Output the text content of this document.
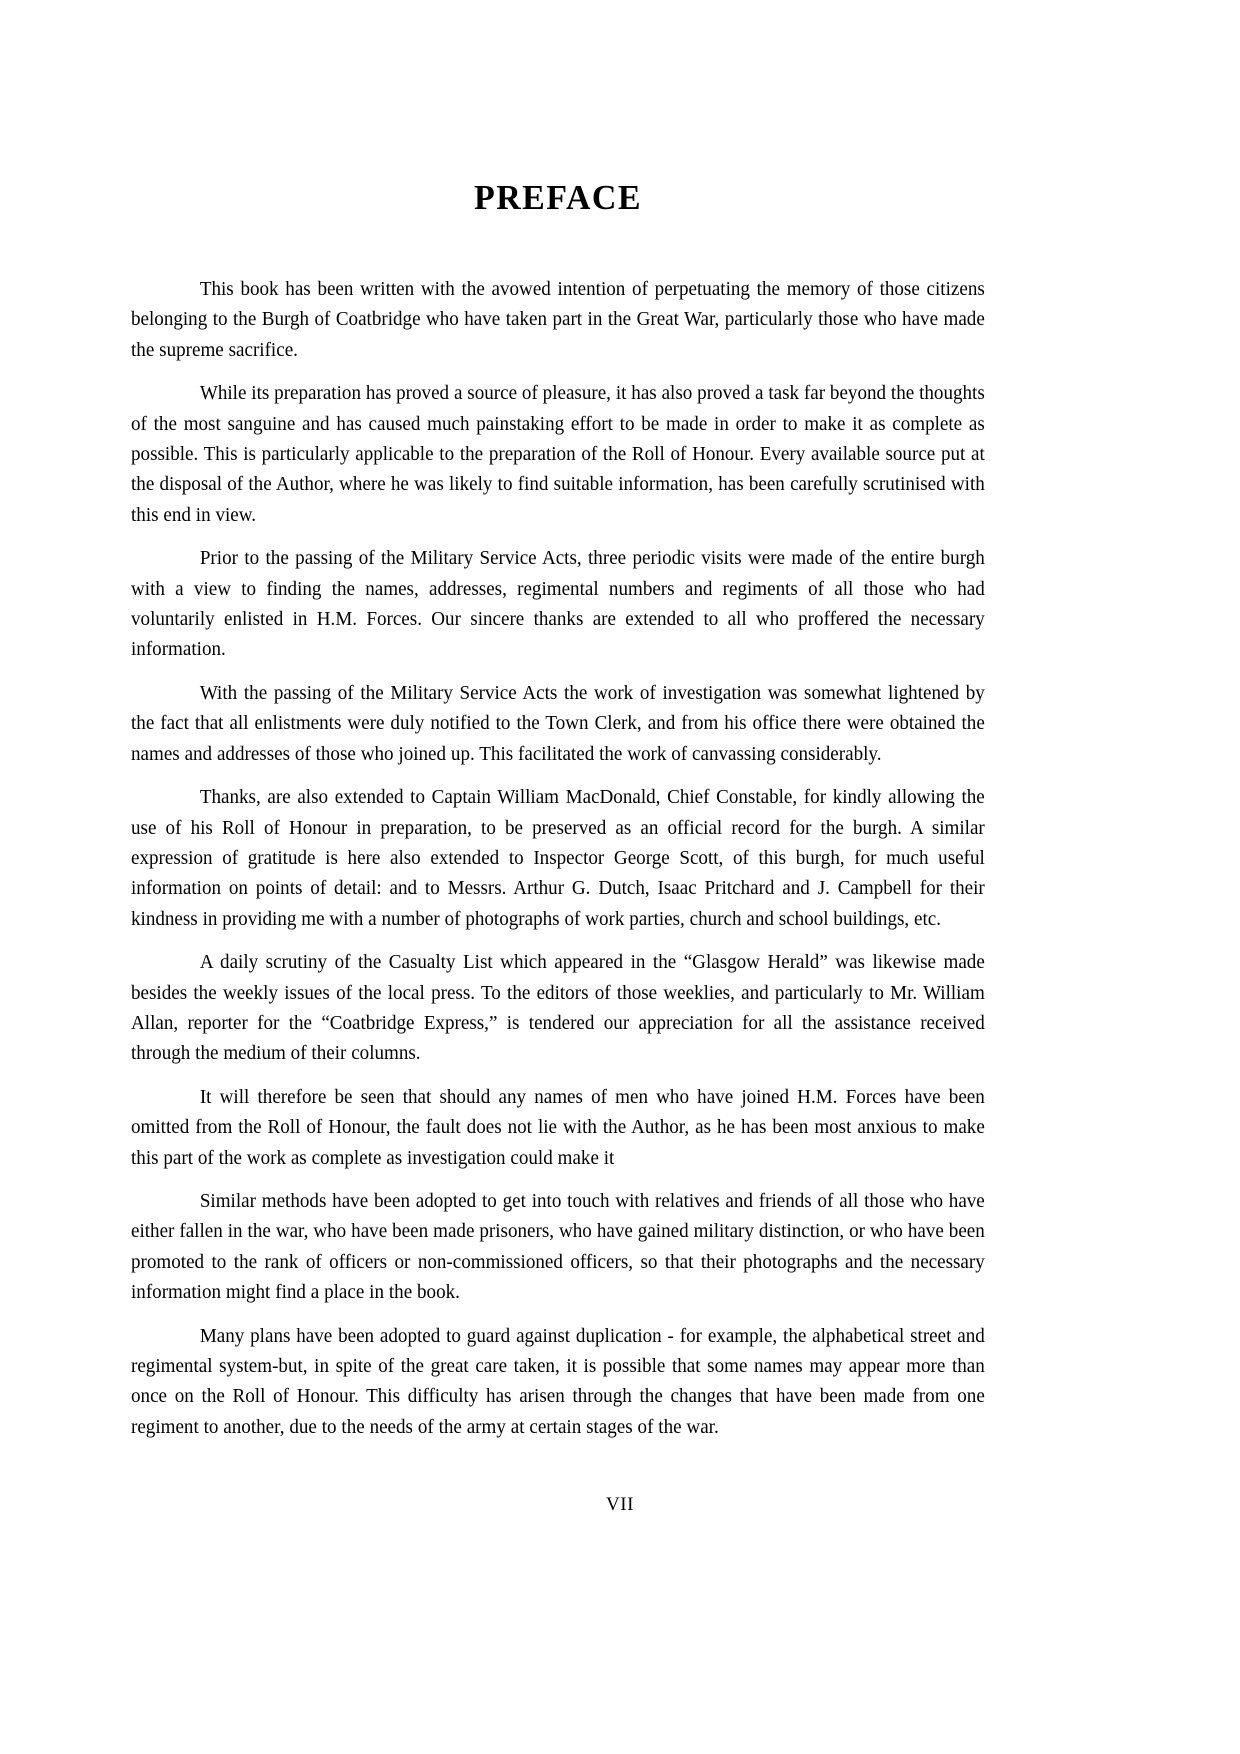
PREFACE

This book has been written with the avowed intention of perpetuating the memory of those citizens belonging to the Burgh of Coatbridge who have taken part in the Great War, particularly those who have made the supreme sacrifice.

While its preparation has proved a source of pleasure, it has also proved a task far beyond the thoughts of the most sanguine and has caused much painstaking effort to be made in order to make it as complete as possible. This is particularly applicable to the preparation of the Roll of Honour. Every available source put at the disposal of the Author, where he was likely to find suitable information, has been carefully scrutinised with this end in view.

Prior to the passing of the Military Service Acts, three periodic visits were made of the entire burgh with a view to finding the names, addresses, regimental numbers and regiments of all those who had voluntarily enlisted in H.M. Forces. Our sincere thanks are extended to all who proffered the necessary information.

With the passing of the Military Service Acts the work of investigation was somewhat lightened by the fact that all enlistments were duly notified to the Town Clerk, and from his office there were obtained the names and addresses of those who joined up. This facilitated the work of canvassing considerably.

Thanks, are also extended to Captain William MacDonald, Chief Constable, for kindly allowing the use of his Roll of Honour in preparation, to be preserved as an official record for the burgh. A similar expression of gratitude is here also extended to Inspector George Scott, of this burgh, for much useful information on points of detail: and to Messrs. Arthur G. Dutch, Isaac Pritchard and J. Campbell for their kindness in providing me with a number of photographs of work parties, church and school buildings, etc.

A daily scrutiny of the Casualty List which appeared in the “Glasgow Herald” was likewise made besides the weekly issues of the local press. To the editors of those weeklies, and particularly to Mr. William Allan, reporter for the “Coatbridge Express,” is tendered our appreciation for all the assistance received through the medium of their columns.

It will therefore be seen that should any names of men who have joined H.M. Forces have been omitted from the Roll of Honour, the fault does not lie with the Author, as he has been most anxious to make this part of the work as complete as investigation could make it

Similar methods have been adopted to get into touch with relatives and friends of all those who have either fallen in the war, who have been made prisoners, who have gained military distinction, or who have been promoted to the rank of officers or non-commissioned officers, so that their photographs and the necessary information might find a place in the book.

Many plans have been adopted to guard against duplication - for example, the alphabetical street and regimental system-but, in spite of the great care taken, it is possible that some names may appear more than once on the Roll of Honour. This difficulty has arisen through the changes that have been made from one regiment to another, due to the needs of the army at certain stages of the war.

VII
